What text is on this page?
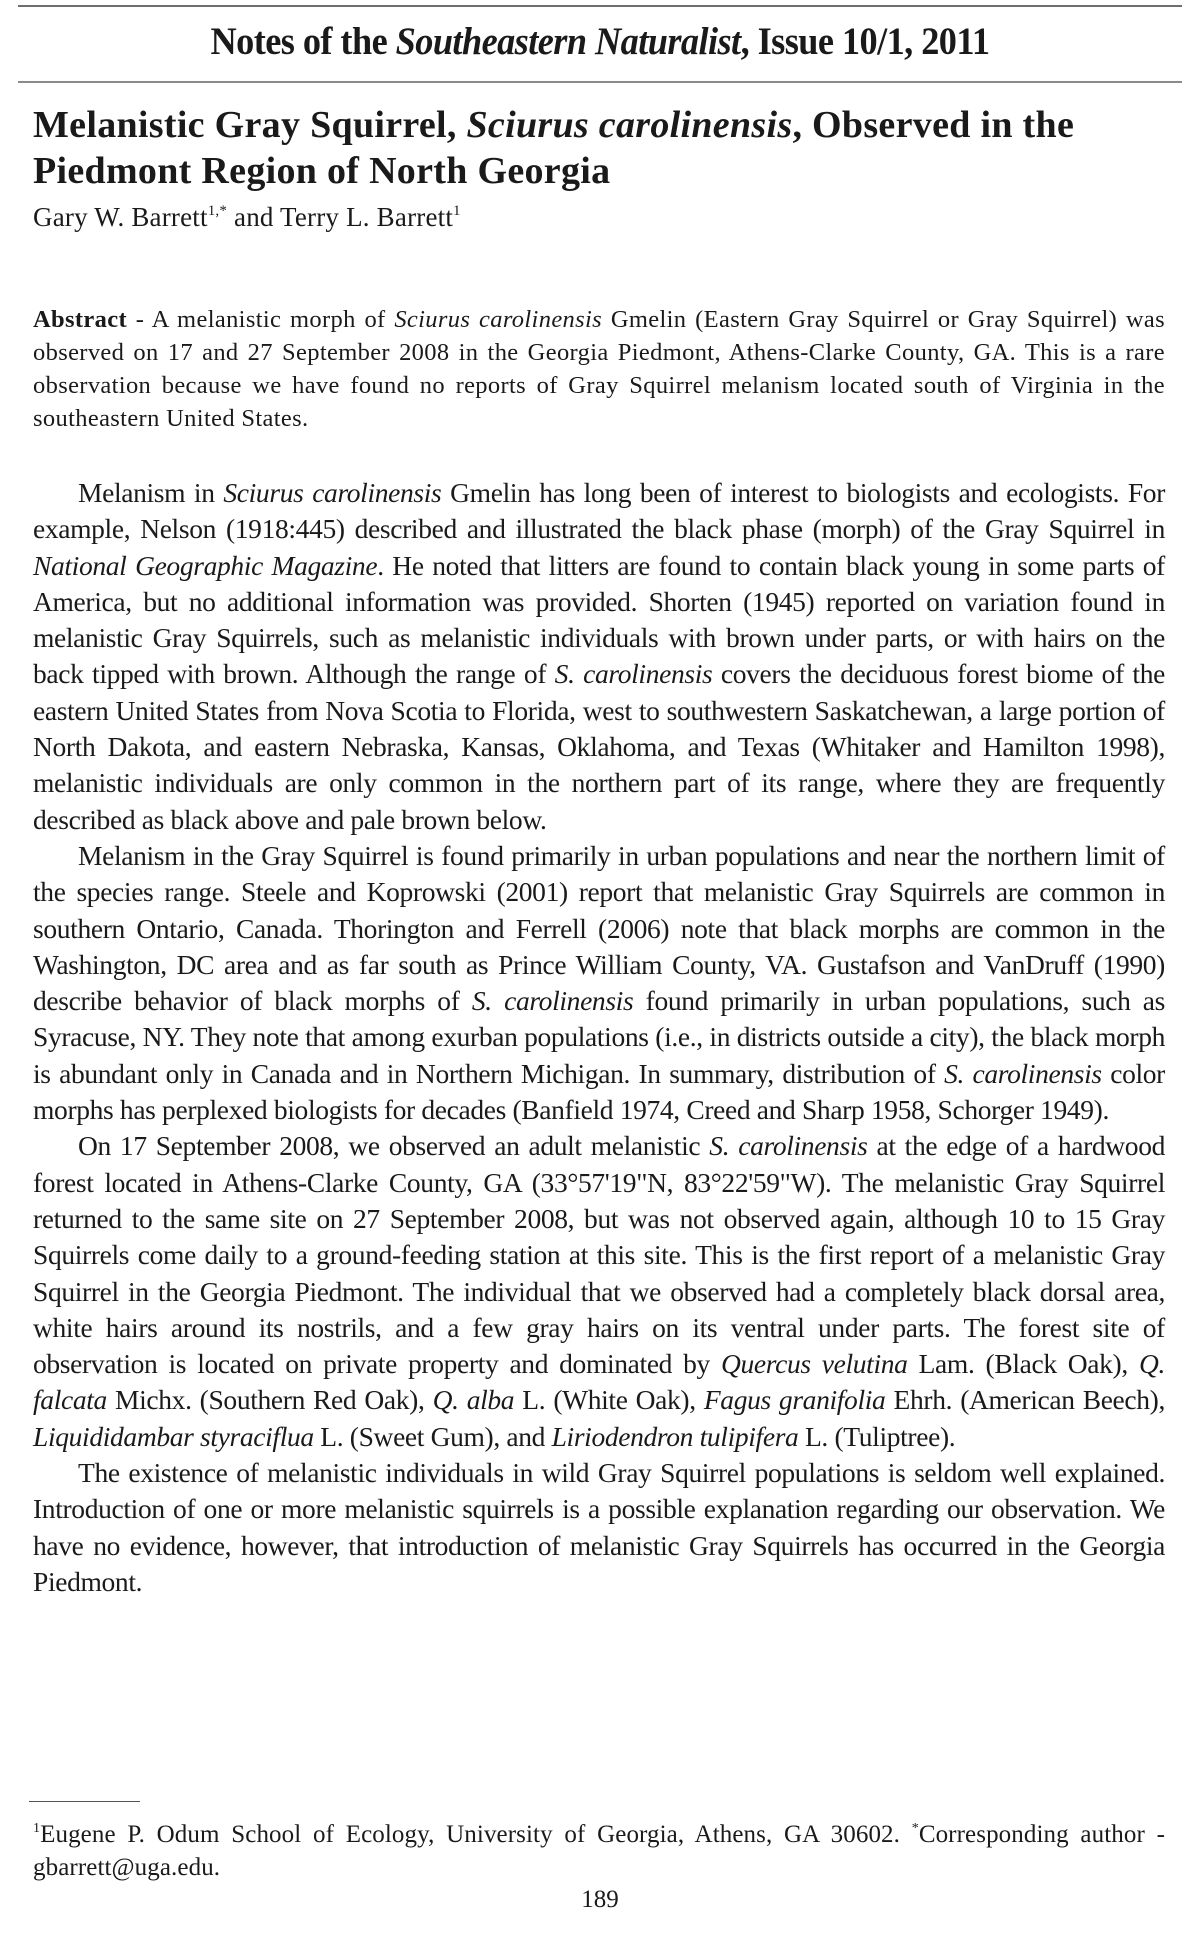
Notes of the Southeastern Naturalist, Issue 10/1, 2011
Melanistic Gray Squirrel, Sciurus carolinensis, Observed in the Piedmont Region of North Georgia
Gary W. Barrett$^{1,*}$ and Terry L. Barrett$^1$

Abstract - A melanistic morph of Sciurus carolinensis Gmelin (Eastern Gray Squirrel or Gray Squirrel) was observed on 17 and 27 September 2008 in the Georgia Piedmont, Athens-Clarke County, GA. This is a rare observation because we have found no reports of Gray Squirrel melanism located south of Virginia in the southeastern United States.

Melanism in Sciurus carolinensis Gmelin has long been of interest to biologists and ecologists. For example, Nelson (1918:445) described and illustrated the black phase (morph) of the Gray Squirrel in National Geographic Magazine. He noted that litters are found to contain black young in some parts of America, but no additional information was provided. Shorten (1945) reported on variation found in melanistic Gray Squirrels, such as melanistic individuals with brown under parts, or with hairs on the back tipped with brown. Although the range of S. carolinensis covers the deciduous forest biome of the eastern United States from Nova Scotia to Florida, west to southwestern Saskatchewan, a large portion of North Dakota, and eastern Nebraska, Kansas, Oklahoma, and Texas (Whitaker and Hamilton 1998), melanistic individuals are only common in the northern part of its range, where they are frequently described as black above and pale brown below.

Melanism in the Gray Squirrel is found primarily in urban populations and near the northern limit of the species range. Steele and Koprowski (2001) report that melanistic Gray Squirrels are common in southern Ontario, Canada. Thorington and Ferrell (2006) note that black morphs are common in the Washington, DC area and as far south as Prince William County, VA. Gustafson and VanDruff (1990) describe behavior of black morphs of S. carolinensis found primarily in urban populations, such as Syracuse, NY. They note that among exurban populations (i.e., in districts outside a city), the black morph is abundant only in Canada and in Northern Michigan. In summary, distribution of S. carolinensis color morphs has perplexed biologists for decades (Banfield 1974, Creed and Sharp 1958, Schorger 1949).

On 17 September 2008, we observed an adult melanistic S. carolinensis at the edge of a hardwood forest located in Athens-Clarke County, GA (33°57'19"N, 83°22'59"W). The melanistic Gray Squirrel returned to the same site on 27 September 2008, but was not observed again, although 10 to 15 Gray Squirrels come daily to a ground-feeding station at this site. This is the first report of a melanistic Gray Squirrel in the Georgia Piedmont. The individual that we observed had a completely black dorsal area, white hairs around its nostrils, and a few gray hairs on its ventral under parts. The forest site of observation is located on private property and dominated by Quercus velutina Lam. (Black Oak), Q. falcata Michx. (Southern Red Oak), Q. alba L. (White Oak), Fagus granifolia Ehrh. (American Beech), Liquididambar styraciflua L. (Sweet Gum), and Liriodendron tulipifera L. (Tuliptree).

The existence of melanistic individuals in wild Gray Squirrel populations is seldom well explained. Introduction of one or more melanistic squirrels is a possible explanation regarding our observation. We have no evidence, however, that introduction of melanistic Gray Squirrels has occurred in the Georgia Piedmont.

$^1$Eugene P. Odum School of Ecology, University of Georgia, Athens, GA 30602. *Corresponding author - gbarrett@uga.edu.

189
